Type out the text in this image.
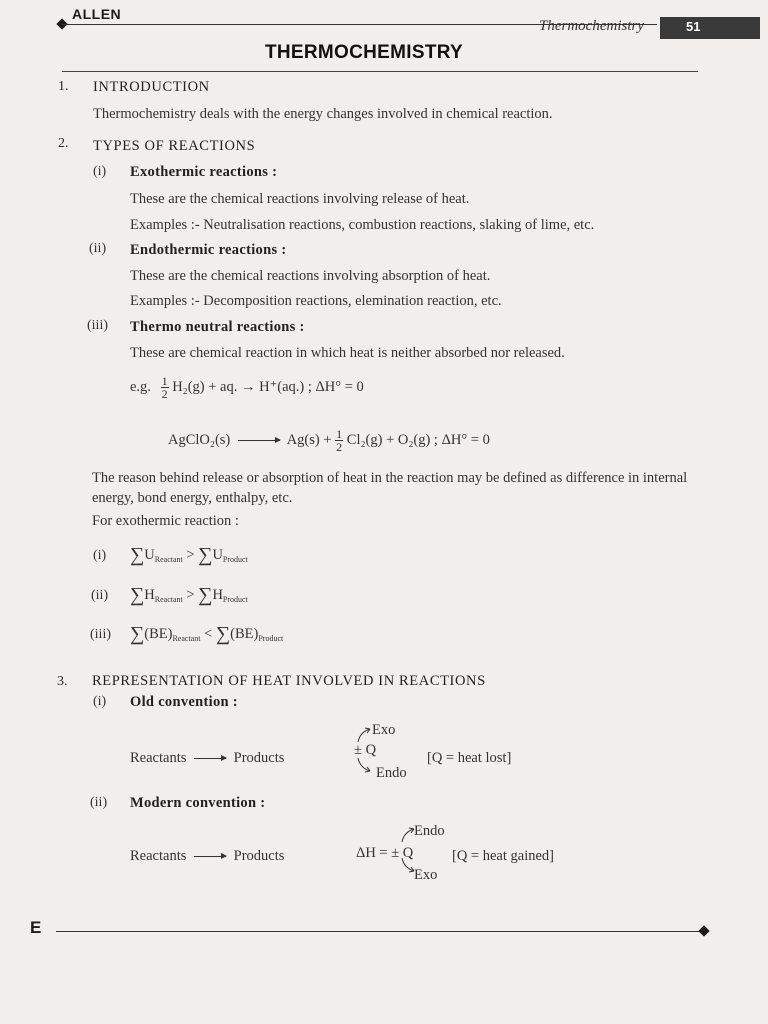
ALLEN
Thermochemistry	51
THERMOCHEMISTRY
1. INTRODUCTION
Thermochemistry deals with the energy changes involved in chemical reaction.
2. TYPES OF REACTIONS
(i) Exothermic reactions :
These are the chemical reactions involving release of heat.
Examples :- Neutralisation reactions, combustion reactions, slaking of lime, etc.
(ii) Endothermic reactions :
These are the chemical reactions involving absorption of heat.
Examples :- Decomposition reactions, elemination reaction, etc.
(iii) Thermo neutral reactions :
These are chemical reaction in which heat is neither absorbed nor released.
e.g. $\frac{1}{2} H_2(g)$ + aq. → H⁺(aq.) ; ΔH° = 0
AgClO₂(s)	$Ag(s) + \frac{1}{2} Cl_2(g) + O_2(g)$ ; ΔH° = 0
The reason behind release or absorption of heat in the reaction may be defined as difference in internal
energy, bond energy, enthalpy, etc.
For exothermic reaction :
(i) $\sum U_{Reactant} > \sum U_{Product}$
(ii) $\sum H_{Reactant} > \sum H_{Product}$
(iii) $\sum(BE)_{Reactant} < \sum(BE)_{Product}$
3. REPRESENTATION OF HEAT INVOLVED IN REACTIONS
(i) Old convention :
Reactants	Products
Exo
± Q
Endo
[Q = heat lost]
(ii) Modern convention :
Reactants	Products
Endo
ΔH = ± Q
Exo
[Q = heat gained]
E
